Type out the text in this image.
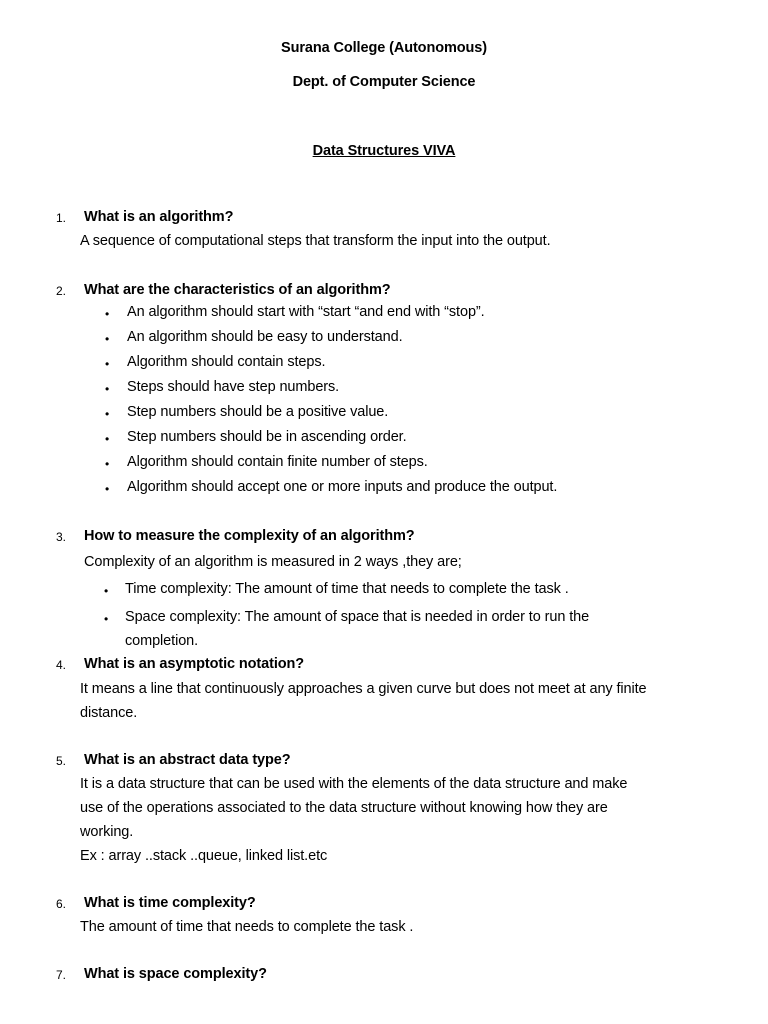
Surana College (Autonomous)
Dept. of Computer Science
Data Structures VIVA
1. What is an algorithm?
A sequence of computational steps that transform the input into the output.
2. What are the characteristics of an algorithm?
• An algorithm should start with “start “and end with “stop”.
• An algorithm should be easy to understand.
• Algorithm should contain steps.
• Steps should have step numbers.
• Step numbers should be a positive value.
• Step numbers should be in ascending order.
• Algorithm should contain finite number of steps.
• Algorithm should accept one or more inputs and produce the output.
3. How to measure the complexity of an algorithm?
Complexity of an algorithm is measured in 2 ways ,they are;
• Time complexity: The amount of time that needs to complete the task .
• Space complexity: The amount of space that is needed in order to run the
completion.
4. What is an asymptotic notation?
It means a line that continuously approaches a given curve but does not meet at any finite
distance.
5. What is an abstract data type?
It is a data structure that can be used with the elements of the data structure and make
use of the operations associated to the data structure without knowing how they are
working.
Ex : array ..stack ..queue, linked list.etc
6. What is time complexity?
The amount of time that needs to complete the task .
7. What is space complexity?
